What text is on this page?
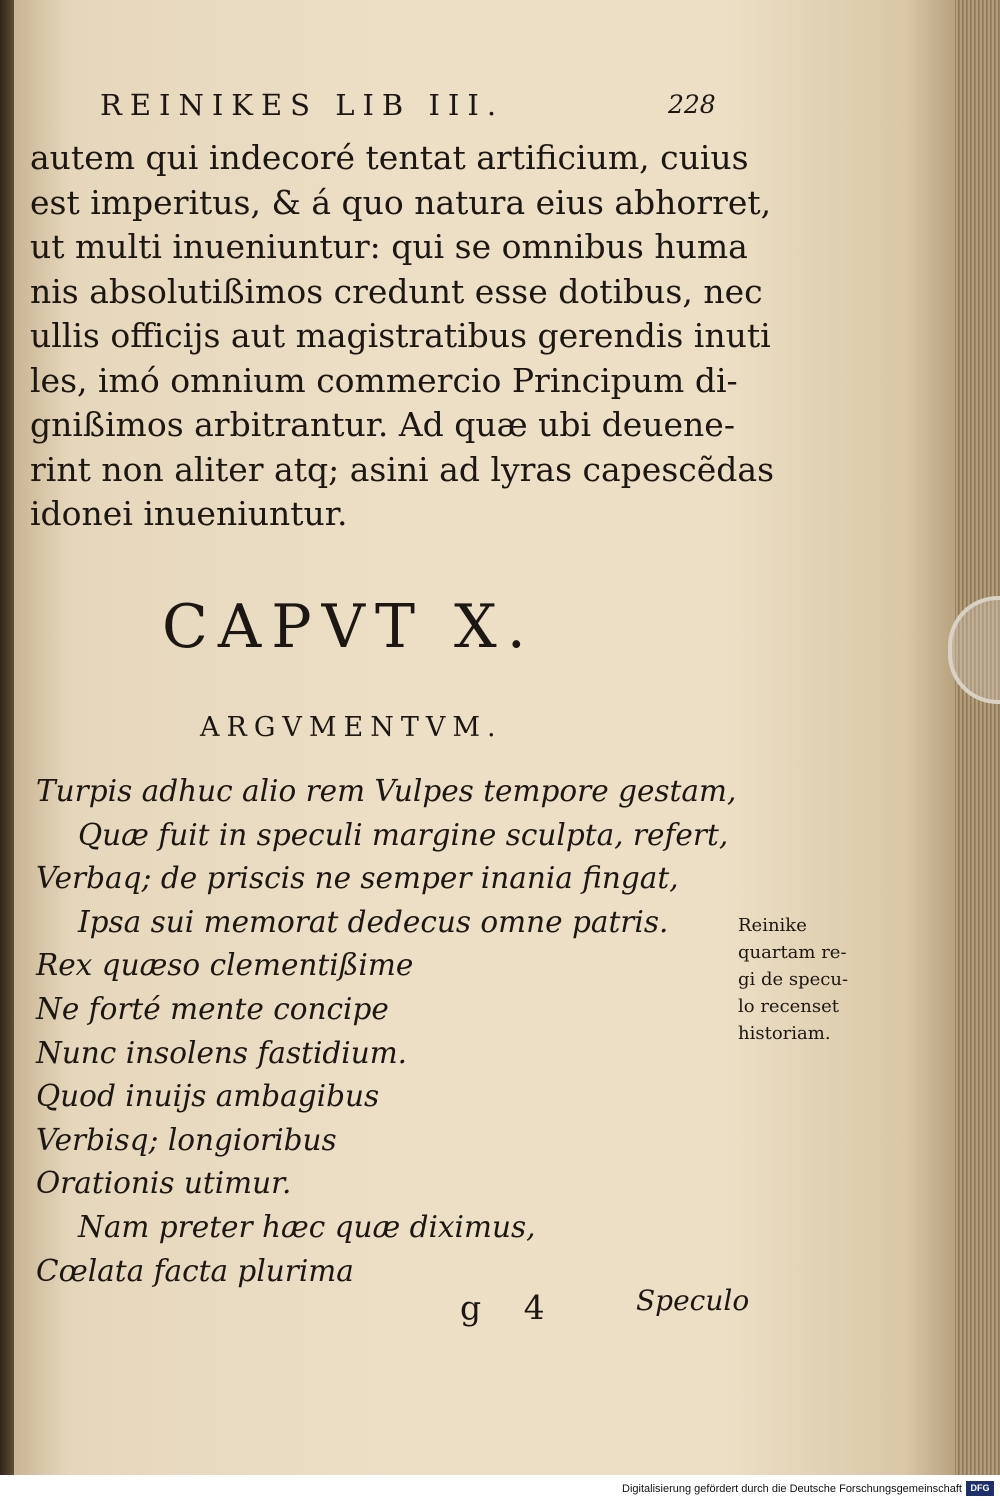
REINIKES LIB III.	228
autem qui indecoré tentat artificium, cuius
est imperitus, & á quo natura eius abhorret,
ut multi inueniuntur: qui se omnibus huma
nis absolutißimos credunt esse dotibus, nec
ullis officijs aut magistratibus gerendis inuti
les, imó omnium commercio Principum di-
gnißimos arbitrantur. Ad quæ ubi deuene-
rint non aliter atq; asini ad lyras capescẽdas
idonei inueniuntur.
CAPVT X.
ARGVMENTVM.
Turpis adhuc alio rem Vulpes tempore gestam,
Quæ fuit in speculi margine sculpta, refert,
Verbaq; de priscis ne semper inania fingat,
Ipsa sui memorat dedecus omne patris.
Rex quæso clementißime
Ne forté mente concipe
Nunc insolens fastidium.
Quod inuijs ambagibus
Verbisq; longioribus
Orationis utimur.
Nam preter hæc quæ diximus,
Cœlata facta plurima
Reinike
quartam re-
gi de specu-
lo recenset
historiam.
g 4	Speculo
Digitalisierung gefördert durch die Deutsche Forschungsgemeinschaft DFG
